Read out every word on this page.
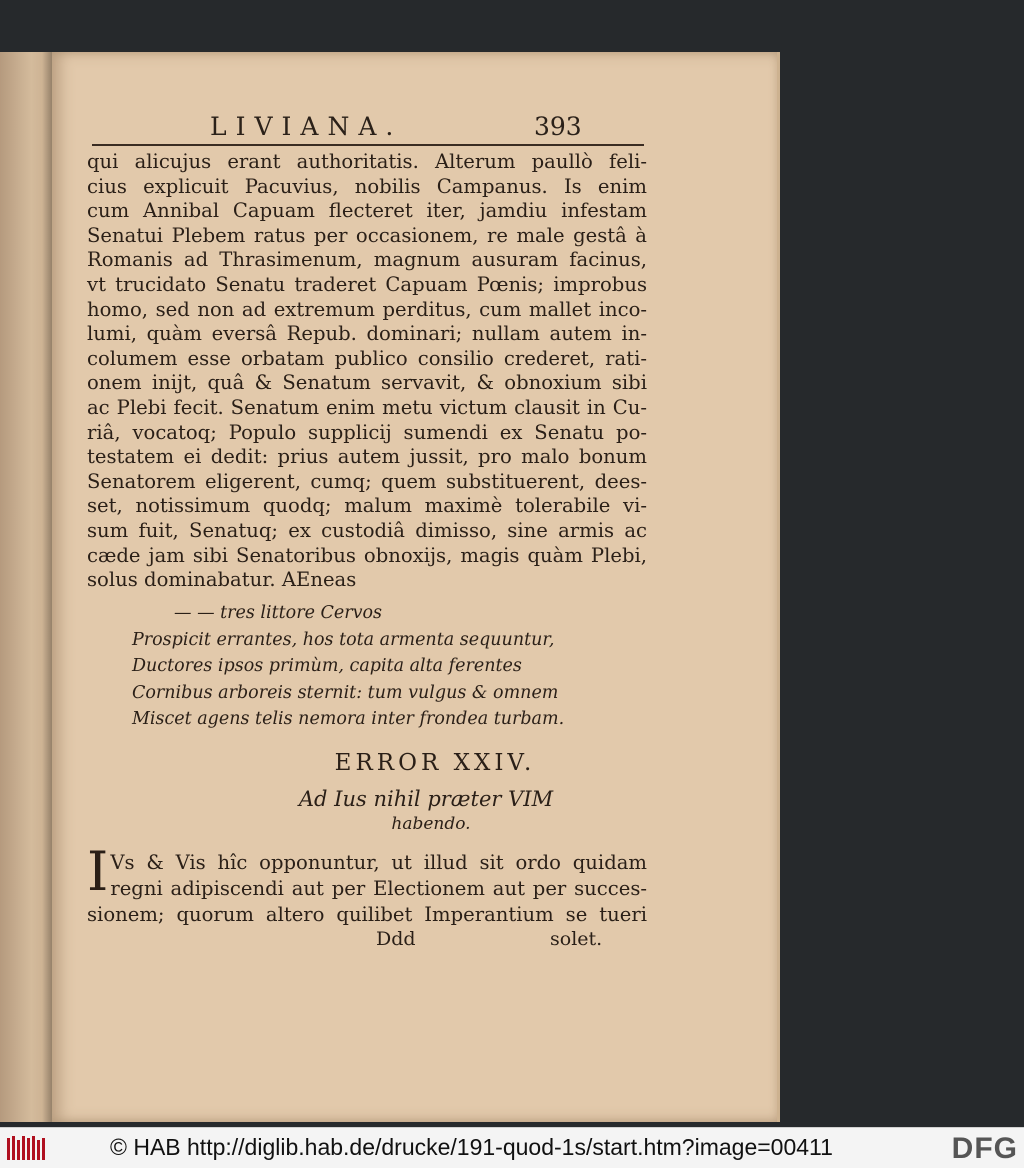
LIVIANA.	393
qui alicujus erant authoritatis. Alterum paullò feli-
cius explicuit Pacuvius, nobilis Campanus. Is enim
cum Annibal Capuam flecteret iter, jamdiu infestam
Senatui Plebem ratus per occasionem, re male gestâ à
Romanis ad Thrasimenum, magnum ausuram facinus,
vt trucidato Senatu traderet Capuam Pœnis; improbus
homo, sed non ad extremum perditus, cum mallet inco-
lumi, quàm eversâ Repub. dominari; nullam autem in-
columem esse orbatam publico consilio crederet, rati-
onem inijt, quâ & Senatum servavit, & obnoxium sibi
ac Plebi fecit. Senatum enim metu victum clausit in Cu-
riâ, vocatoq; Populo supplicij sumendi ex Senatu po-
testatem ei dedit: prius autem jussit, pro malo bonum
Senatorem eligerent, cumq; quem substituerent, dees-
set, notissimum quodq; malum maximè tolerabile vi-
sum fuit, Senatuq; ex custodiâ dimisso, sine armis ac
cæde jam sibi Senatoribus obnoxijs, magis quàm Plebi,
solus dominabatur. AEneas
— — tres littore Cervos
Prospicit errantes, hos tota armenta sequuntur,
Ductores ipsos primùm, capita alta ferentes
Cornibus arboreis sternit: tum vulgus & omnem
Miscet agens telis nemora inter frondea turbam.
ERROR XXIV.
Ad Ius nihil præter VIM
habendo.
I Vs & Vis hîc opponuntur, ut illud sit ordo quidam
regni adipiscendi aut per Electionem aut per succes-
sionem; quorum altero quilibet Imperantium se tueri
Ddd	solet.
© HAB http://diglib.hab.de/drucke/191-quod-1s/start.htm?image=00411	DFG
